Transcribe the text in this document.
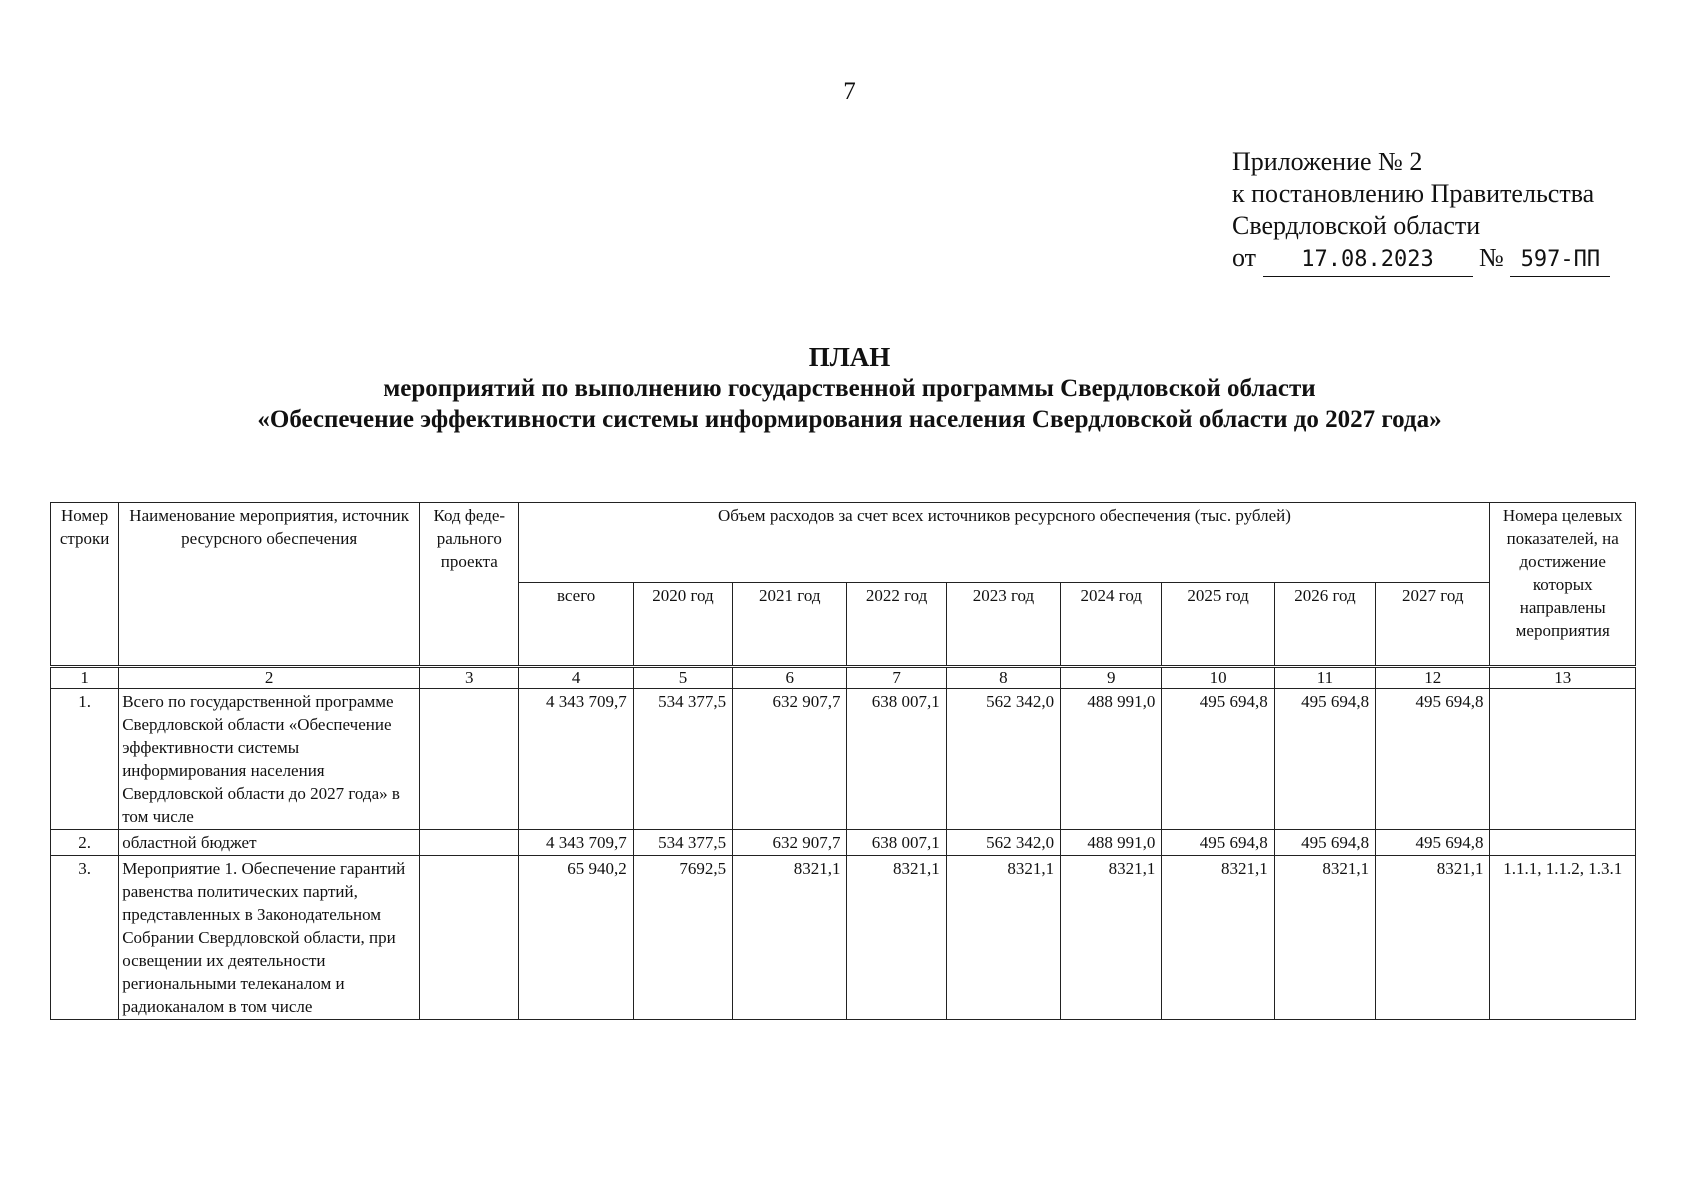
7
Приложение № 2
к постановлению Правительства
Свердловской области
от 17.08.2023 № 597-ПП
ПЛАН
мероприятий по выполнению государственной программы Свердловской области
«Обеспечение эффективности системы информирования населения Свердловской области до 2027 года»
Номер строки	Наименование мероприятия, источник ресурсного обеспечения	Код феде-рального проекта	Объем расходов за счет всех источников ресурсного обеспечения (тыс. рублей)									Номера целевых показателей, на достижение которых направлены мероприятия
			всего	2020 год	2021 год	2022 год	2023 год	2024 год	2025 год	2026 год	2027 год	
1	2	3	4	5	6	7	8	9	10	11	12	13
1.	Всего по государственной программе Свердловской области «Обеспечение эффективности системы информирования населения Свердловской области до 2027 года» в том числе		4 343 709,7	534 377,5	632 907,7	638 007,1	562 342,0	488 991,0	495 694,8	495 694,8	495 694,8	
2.	областной бюджет		4 343 709,7	534 377,5	632 907,7	638 007,1	562 342,0	488 991,0	495 694,8	495 694,8	495 694,8	
3.	Мероприятие 1. Обеспечение гарантий равенства политических партий, представленных в Законодательном Собрании Свердловской области, при освещении их деятельности региональными телеканалом и радиоканалом в том числе		65 940,2	7692,5	8321,1	8321,1	8321,1	8321,1	8321,1	8321,1	8321,1	1.1.1, 1.1.2, 1.3.1
